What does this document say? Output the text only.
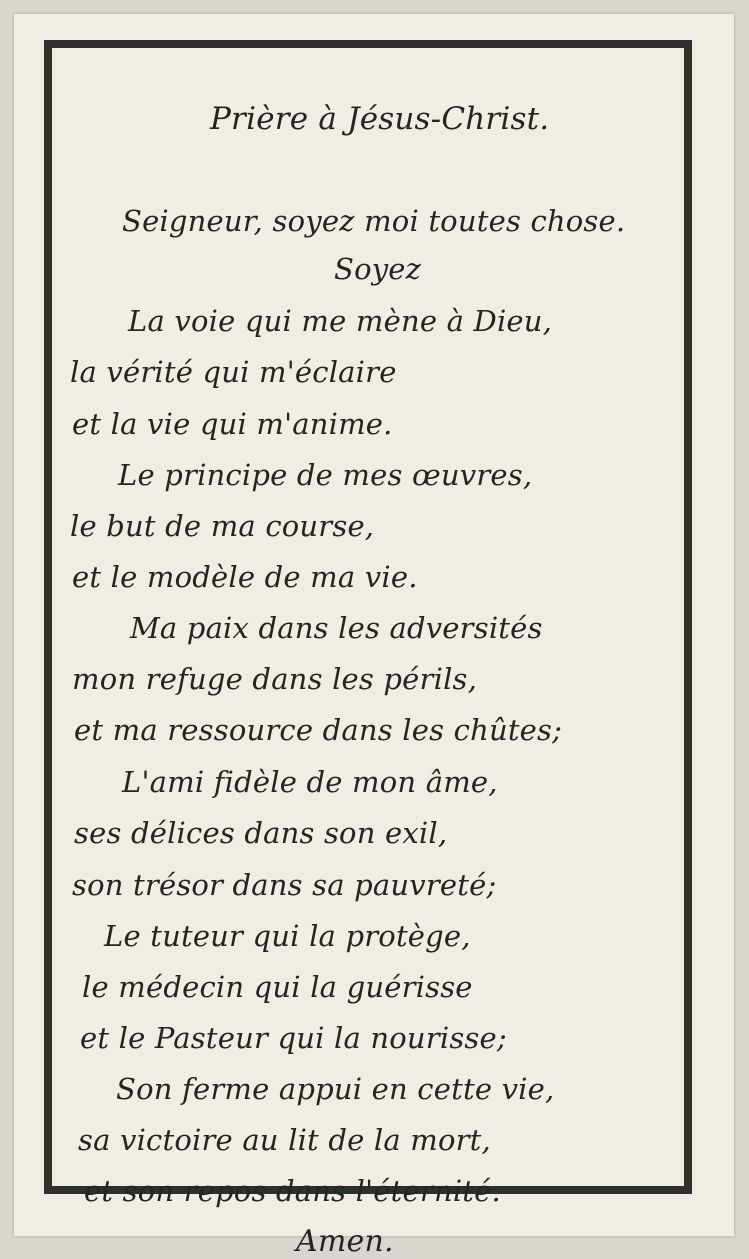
Prière à Jésus-Christ.
Seigneur, soyez moi toutes chose.
Soyez
La voie qui me mène à Dieu,
la vérité qui m'éclaire
et la vie qui m'anime.
Le principe de mes œuvres,
le but de ma course,
et le modèle de ma vie.
Ma paix dans les adversités
mon refuge dans les périls,
et ma ressource dans les chûtes;
L'ami fidèle de mon âme,
ses délices dans son exil,
son trésor dans sa pauvreté;
Le tuteur qui la protège,
le médecin qui la guérisse
et le Pasteur qui la nourisse;
Son ferme appui en cette vie,
sa victoire au lit de la mort,
et son repos dans l'éternité.
Amen.
